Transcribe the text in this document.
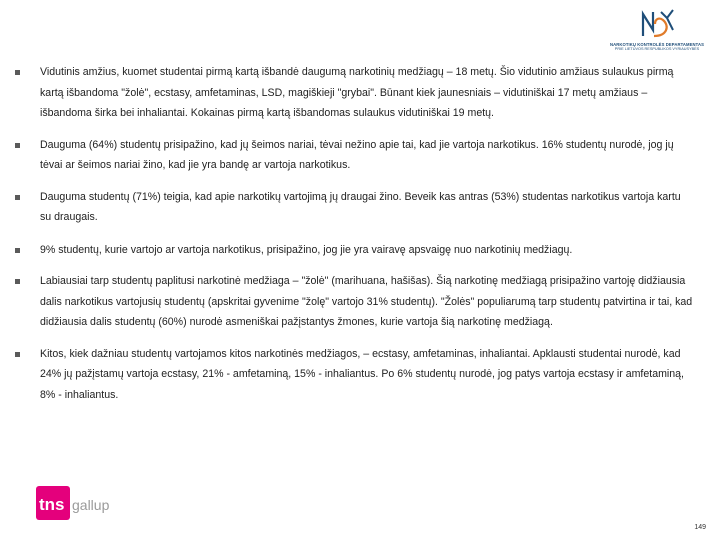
NARKOTIKŲ KONTROLĖS DEPARTAMENTAS
PRIE LIETUVOS RESPUBLIKOS VYRIAUSYBĖS
Vidutinis amžius, kuomet studentai pirmą kartą išbandė daugumą narkotinių medžiagų – 18 metų. Šio vidutinio amžiaus sulaukus pirmą kartą išbandoma "žolė", ecstasy, amfetaminas, LSD, magiškieji "grybai". Būnant kiek jaunesniais – vidutiniškai 17 metų amžiaus – išbandoma širka bei inhaliantai. Kokainas pirmą kartą išbandomas sulaukus vidutiniškai 19 metų.
Dauguma (64%) studentų prisipažino, kad jų šeimos nariai, tėvai nežino apie tai, kad jie vartoja narkotikus. 16% studentų nurodė, jog jų tėvai ar šeimos nariai žino, kad jie yra bandę ar vartoja narkotikus.
Dauguma studentų (71%) teigia, kad apie narkotikų vartojimą jų draugai žino. Beveik kas antras (53%) studentas narkotikus vartoja kartu su draugais.
9% studentų, kurie vartojo ar vartoja narkotikus, prisipažino, jog jie yra vairavę apsvaigę nuo narkotinių medžiagų.
Labiausiai tarp studentų paplitusi narkotinė medžiaga – "žolė" (marihuana, hašišas). Šią narkotinę medžiagą prisipažino vartoję didžiausia dalis narkotikus vartojusių studentų (apskritai gyvenime "žolę" vartojo 31% studentų). "Žolės" populiarumą tarp studentų patvirtina ir tai, kad didžiausia dalis studentų (60%) nurodė asmeniškai pažįstantys žmones, kurie vartoja šią narkotinę medžiagą.
Kitos, kiek dažniau studentų vartojamos kitos narkotinės medžiagos, – ecstasy, amfetaminas, inhaliantai. Apklausti studentai nurodė, kad 24% jų pažįstamų vartoja ecstasy, 21% - amfetaminą, 15% - inhaliantus. Po 6% studentų nurodė, jog patys vartoja ecstasy ir amfetaminą, 8% - inhaliantus.
tns gallup
149
